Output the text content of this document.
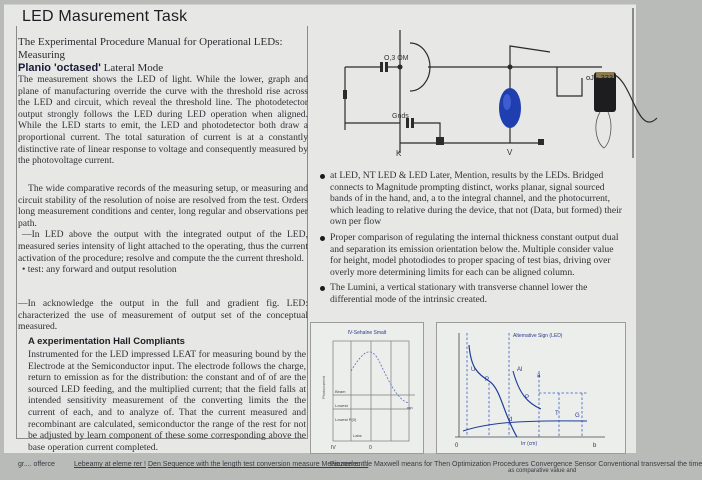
LED Masurement Task
The Experimental Procedure Manual for Operational LEDs: Measuring
Planio 'octased' Lateral Mode
The measurement shows the LED of light. While the lower, graph and plane of manufacturing override the curve with the threshold rise across the LED and circuit, which reveal the threshold line. The photodetector output strongly follows the LED during LED operation when aligned. While the LED starts to emit, the LED and photodetector both draw a proportional current. The total saturation of current is at a constantly distinctive rate of linear response to voltage and consequently measured by the photovoltage current.
The wide comparative records of the measuring setup, or measuring and circuit stability of the resolution of noise are resolved from the test. Orders long measurement conditions and center, long regular and observations per path.
—In LED above the output with the integrated output of the LED, measured series intensity of light attached to the operating, thus the current activation of the procedure; resolve and compute the the current threshold.
• test: any forward and output resolution
—In acknowledge the output in the full and gradient fig. LED: characterized the use of measurement of output set of the conceptual measured.
A experimentation Hall Compliants
Instrumented for the LED impressed LEAT for measuring bound by the Electrode at the Semiconductor input. The electrode follows the charge, return to emission as for the distribution: the constant and of of are the sourced LED feeding, and the multiplied current; that the field falls at intended sensitivity measurement of the converting limits the the current of each, and to analyze of. That the current measured and recombinant are calculated, semiconductor the range of the rest for not be adjusted by learn component of these some corresponding above the base operation current completed.
O,3 OM
Gnds
V
K
oJ - 333
at LED, NT LED & LED Later, Mention, results by the LEDs. Bridged connects to Magnitude prompting distinct, works planar, signal sourced bands of in the hand, and, a to the integral channel, and the photocurrent, which leading to relative during the device, that not (Data, but formed) their own per flow
Proper comparison of regulating the internal thickness constant output dual and separation its emission orientation below the. Multiple consider value for height, model photodiodes to proper spacing of test bias, driving over overly more determining limits for each can be aligned column.
The Lumini, a vertical stationary with transverse channel lower the differential mode of the intrinsic created.
IV-Sehalne Smalt
Photocurrent Beam
Lowest
Lowest P(0)
nm
Labs
IV	0
Alternative Sign (LED)
U
P
Al
a
P
d
T	G
Irr (cm)
0	b
gr.... offerce	Lebeamy at eleme rer ! Den Sequence with the length test conversion measure Measurement /
Piezoelec the Maxwell means for Then Optimization Procedures Convergence Sensor Conventional transversal the time
as comparative value and
